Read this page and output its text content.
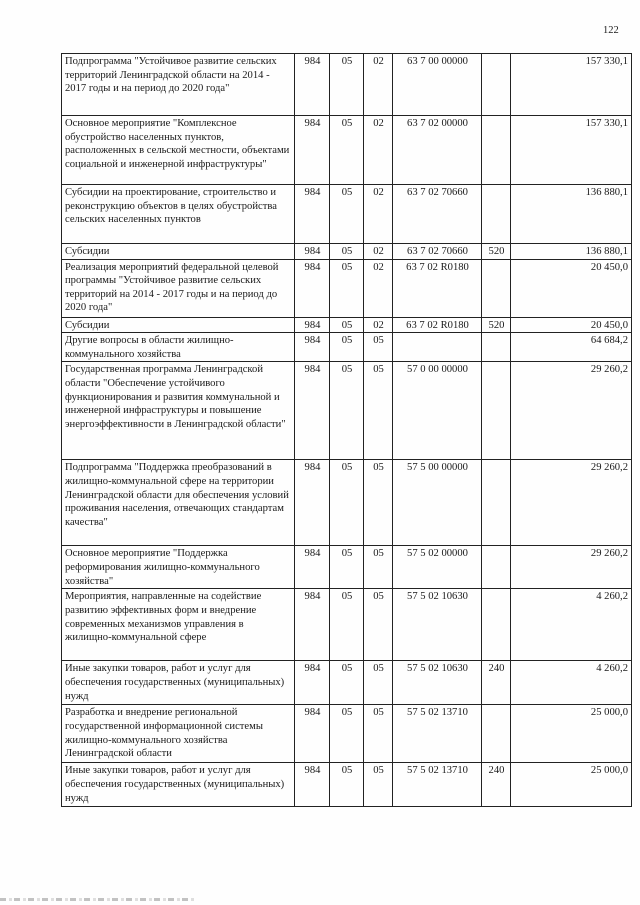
122
Подпрограмма "Устойчивое развитие сельских территорий Ленинградской области на 2014 - 2017 годы и на период до 2020 года"	984	05	02	63 7 00 00000		157 330,1
Основное мероприятие "Комплексное обустройство населенных пунктов, расположенных в сельской местности, объектами социальной и инженерной инфраструктуры"	984	05	02	63 7 02 00000		157 330,1
Субсидии на проектирование, строительство и реконструкцию объектов в целях обустройства сельских населенных пунктов	984	05	02	63 7 02 70660		136 880,1
Субсидии	984	05	02	63 7 02 70660	520	136 880,1
Реализация мероприятий федеральной целевой программы "Устойчивое развитие сельских территорий на 2014 - 2017 годы и на период до 2020 года"	984	05	02	63 7 02 R0180		20 450,0
Субсидии	984	05	02	63 7 02 R0180	520	20 450,0
Другие вопросы в области жилищно-коммунального хозяйства	984	05	05			64 684,2
Государственная программа Ленинградской области "Обеспечение устойчивого функционирования и развития коммунальной и инженерной инфраструктуры и повышение энергоэффективности в Ленинградской области"	984	05	05	57 0 00 00000		29 260,2
Подпрограмма "Поддержка преобразований в жилищно-коммунальной сфере на территории Ленинградской области для обеспечения условий проживания населения, отвечающих стандартам качества"	984	05	05	57 5 00 00000		29 260,2
Основное мероприятие "Поддержка реформирования жилищно-коммунального хозяйства"	984	05	05	57 5 02 00000		29 260,2
Мероприятия, направленные на содействие развитию эффективных форм и внедрение современных механизмов управления в жилищно-коммунальной сфере	984	05	05	57 5 02 10630		4 260,2
Иные закупки товаров, работ и услуг для обеспечения государственных (муниципальных) нужд	984	05	05	57 5 02 10630	240	4 260,2
Разработка и внедрение региональной государственной информационной системы жилищно-коммунального хозяйства Ленинградской области	984	05	05	57 5 02 13710		25 000,0
Иные закупки товаров, работ и услуг для обеспечения государственных (муниципальных) нужд	984	05	05	57 5 02 13710	240	25 000,0
